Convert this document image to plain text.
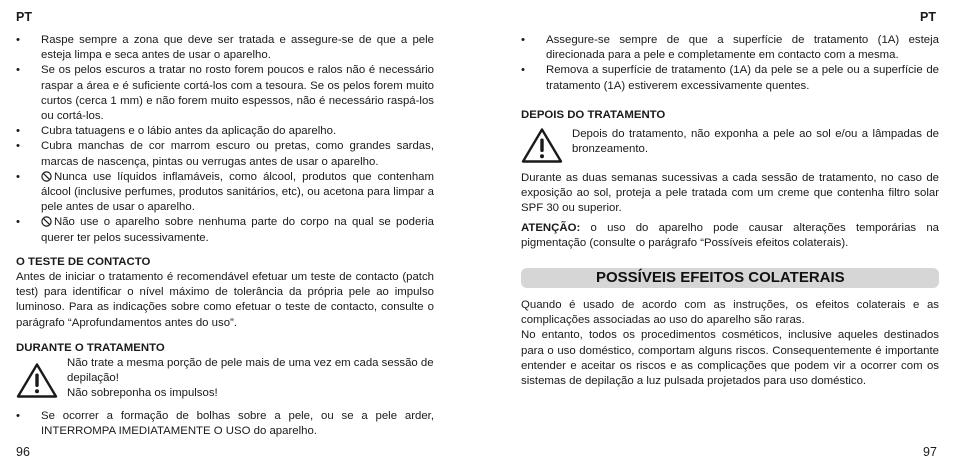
PT
• Raspe sempre a zona que deve ser tratada e assegure-se de que a pele esteja limpa e seca antes de usar o aparelho.
• Se os pelos escuros a tratar no rosto forem poucos e ralos não é necessário raspar a área e é suficiente cortá-los com a tesoura. Se os pelos forem muito curtos (cerca 1 mm) e não forem muito espessos, não é necessário raspá-los ou cortá-los.
• Cubra tatuagens e o lábio antes da aplicação do aparelho.
• Cubra manchas de cor marrom escuro ou pretas, como grandes sardas, marcas de nascença, pintas ou verrugas antes de usar o aparelho.
•	Nunca use líquidos inflamáveis, como álcool, produtos que contenham álcool (inclusive perfumes, produtos sanitários, etc), ou acetona para limpar a pele antes de usar o aparelho.
•	Não use o aparelho sobre nenhuma parte do corpo na qual se poderia querer ter pelos sucessivamente.
O TESTE DE CONTACTO

Antes de iniciar o tratamento é recomendável efetuar um teste de contacto (patch test) para identificar o nível máximo de tolerância da própria pele ao impulso luminoso. Para as indicações sobre como efetuar o teste de contacto, consulte o parágrafo “Aprofundamentos antes do uso”.

DURANTE O TRATAMENTO

Não trate a mesma porção de pele mais de uma vez em cada sessão de depilação!

Não sobreponha os impulsos!

• Se ocorrer a formação de bolhas sobre a pele, ou se a pele arder, INTERROMPA IMEDIATAMENTE O USO do aparelho.
96
PT
• Assegure-se sempre de que a superfície de tratamento (1A) esteja direcionada para a pele e completamente em contacto com a mesma.
• Remova a superfície de tratamento (1A) da pele se a pele ou a superfície de tratamento (1A) estiverem excessivamente quentes.
DEPOIS DO TRATAMENTO

Depois do tratamento, não exponha a pele ao sol e/ou a lâmpadas de bronzeamento.

Durante as duas semanas sucessivas a cada sessão de tratamento, no caso de exposição ao sol, proteja a pele tratada com um creme que contenha filtro solar SPF 30 ou superior.

ATENÇÃO: o uso do aparelho pode causar alterações temporárias na pigmentação (consulte o parágrafo “Possíveis efeitos colaterais).

POSSÍVEIS EFEITOS COLATERAIS

Quando é usado de acordo com as instruções, os efeitos colaterais e as complicações associadas ao uso do aparelho são raras.

No entanto, todos os procedimentos cosméticos, inclusive aqueles destinados para o uso doméstico, comportam alguns riscos. Consequentemente é importante entender e aceitar os riscos e as complicações que podem vir a ocorrer com os sistemas de depilação a luz pulsada projetados para uso doméstico.

97
